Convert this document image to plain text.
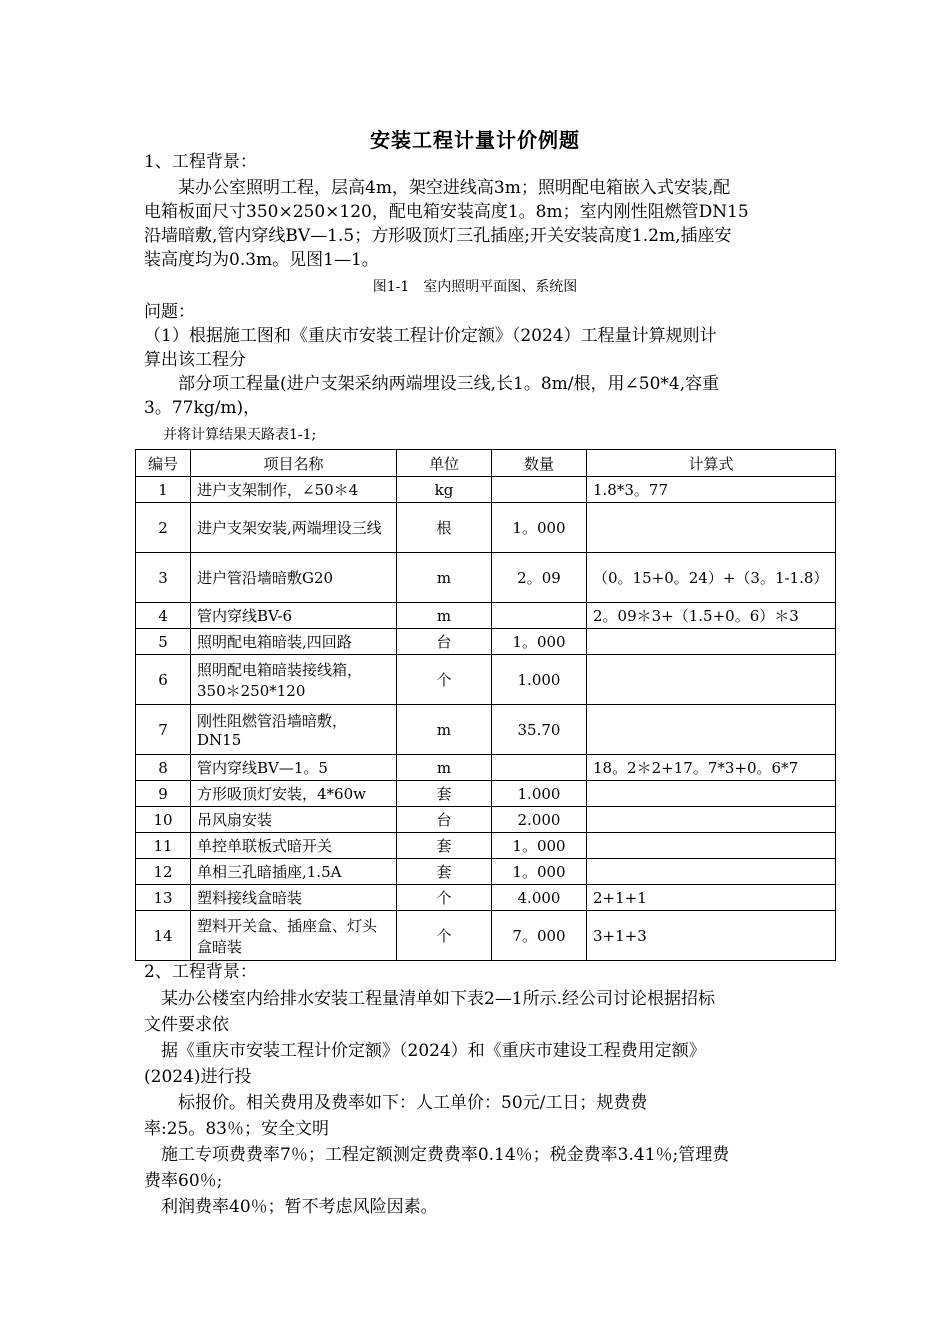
安装工程计量计价例题
1、工程背景：
　　某办公室照明工程，层高4m，架空进线高3m；照明配电箱嵌入式安装,配
电箱板面尺寸350×250×120，配电箱安装高度1。8m；室内刚性阻燃管DN15
沿墙暗敷,管内穿线BV—1.5；方形吸顶灯三孔插座;开关安装高度1.2m,插座安
装高度均为0.3m。见图1—1。
图1-1　室内照明平面图、系统图
问题：
（1）根据施工图和《重庆市安装工程计价定额》（2024）工程量计算规则计
算出该工程分
　　部分项工程量(进户支架采纳两端埋设三线,长1。8m/根，用∠50*4,容重
3。77kg/m)，
并将计算结果天路表1-1;
编号	项目名称	单位	数量	计算式
1	进户支架制作，∠50＊4	kg		1.8*3。77
2	进户支架安装,两端埋设三线	根	1。000	
3	进户管沿墙暗敷G20	m	2。09	（0。15+0。24）+（3。1-1.8）
4	管内穿线BV-6	m		2。09＊3+（1.5+0。6）＊3
5	照明配电箱暗装,四回路	台	1。000	
6	照明配电箱暗装接线箱，350＊250*120	个	1.000	
7	刚性阻燃管沿墙暗敷，DN15	m	35.70	
8	管内穿线BV—1。5	m		18。2＊2+17。7*3+0。6*7
9	方形吸顶灯安装，4*60w	套	1.000	
10	吊风扇安装	台	2.000	
11	单控单联板式暗开关	套	1。000	
12	单相三孔暗插座,1.5A	套	1。000	
13	塑料接线盒暗装	个	4.000	2+1+1
14	塑料开关盒、插座盒、灯头盒暗装	个	7。000	3+1+3
2、工程背景：
　某办公楼室内给排水安装工程量清单如下表2—1所示.经公司讨论根据招标
文件要求依
　据《重庆市安装工程计价定额》（2024）和《重庆市建设工程费用定额》
(2024)进行投
　　标报价。相关费用及费率如下：人工单价：50元/工日；规费费
率:25。83％；安全文明
　施工专项费费率7％；工程定额测定费费率0.14％；税金费率3.41％;管理费
费率60％;
　利润费率40％；暂不考虑风险因素。
